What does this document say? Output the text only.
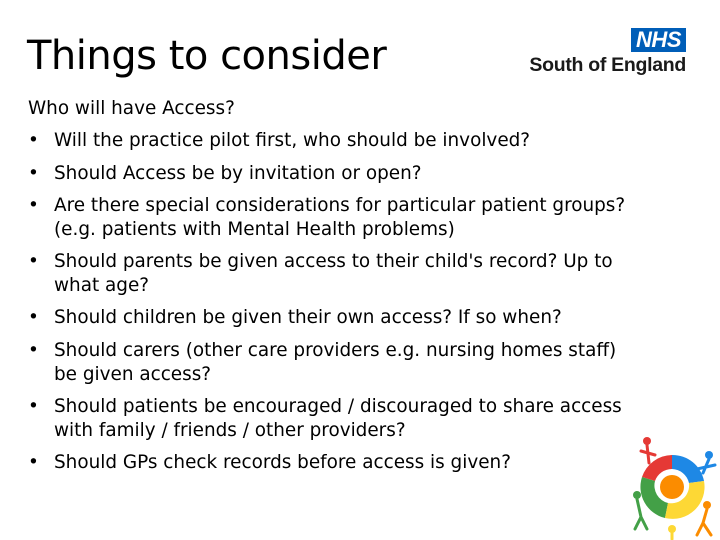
Things to consider	NHS
South of England
Who will have Access?
• Will the practice pilot first, who should be involved?
• Should Access be by invitation or open?
• Are there special considerations for particular patient groups?
(e.g. patients with Mental Health problems)
• Should parents be given access to their child's record? Up to
what age?
• Should children be given their own access? If so when?
• Should carers (other care providers e.g. nursing homes staff)
be given access?
• Should patients be encouraged / discouraged to share access
with family / friends / other providers?
• Should GPs check records before access is given?
